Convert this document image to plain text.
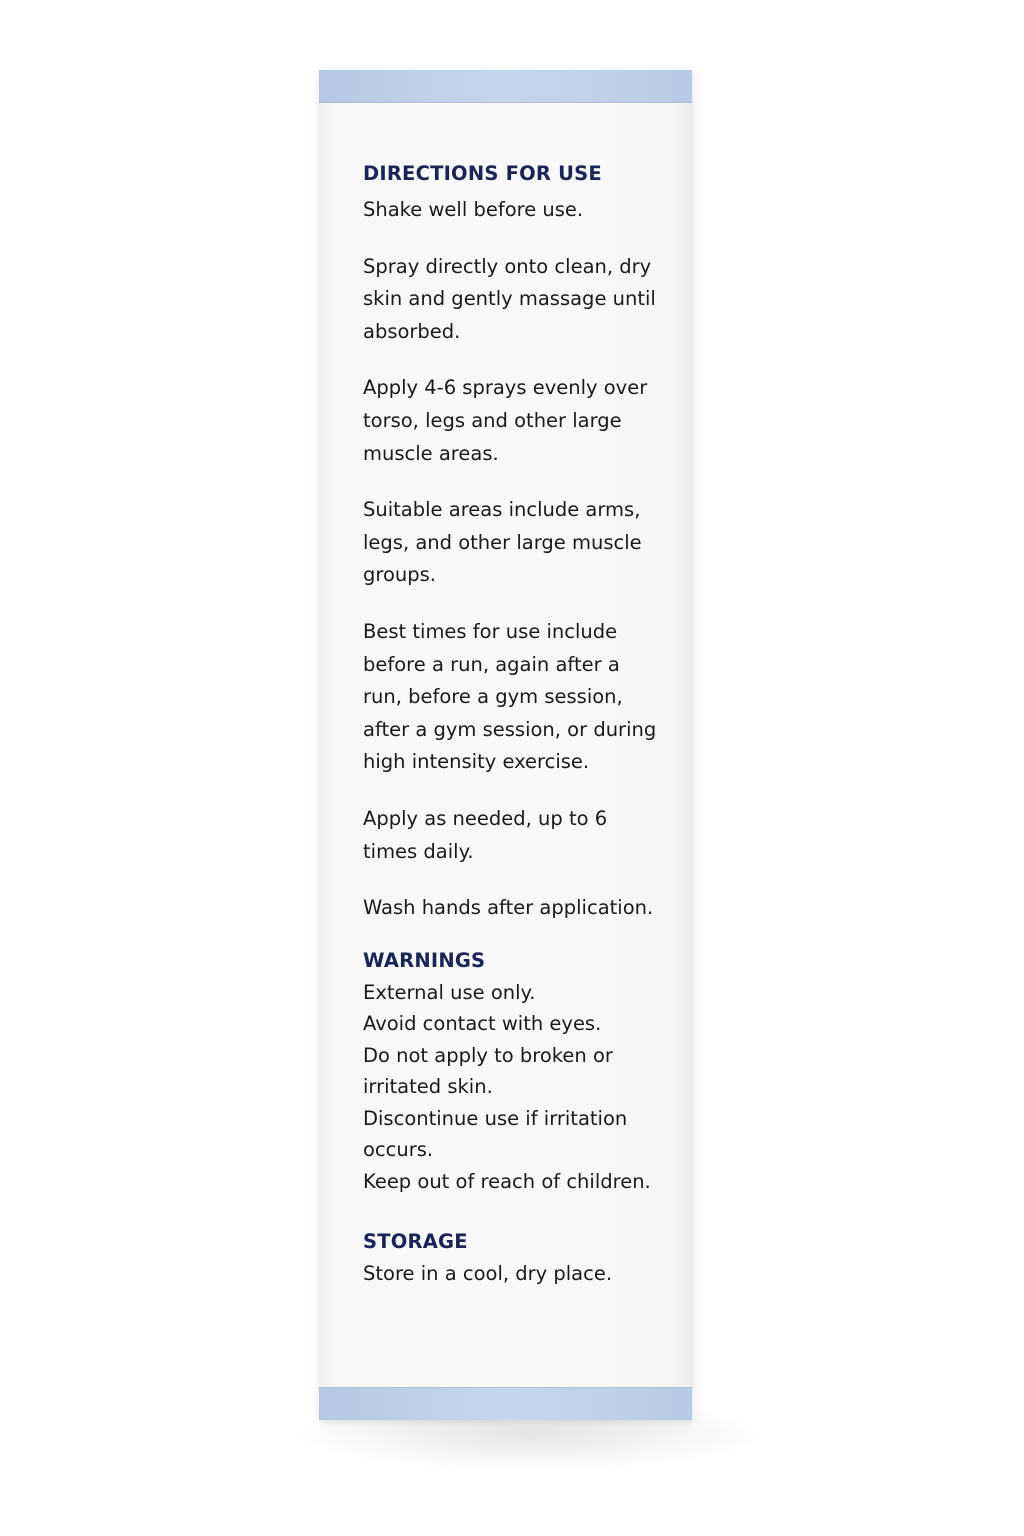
DIRECTIONS FOR USE

Shake well before use.

Spray directly onto clean, dry skin and gently massage until absorbed.

Apply 4-6 sprays evenly over torso, legs and other large muscle areas.

Suitable areas include arms, legs, and other large muscle groups.

Best times for use include before a run, again after a run, before a gym session, after a gym session, or during high intensity exercise.

Apply as needed, up to 6 times daily.

Wash hands after application.

WARNINGS

External use only.

Avoid contact with eyes.

Do not apply to broken or irritated skin.

Discontinue use if irritation occurs.

Keep out of reach of children.

STORAGE

Store in a cool, dry place.
